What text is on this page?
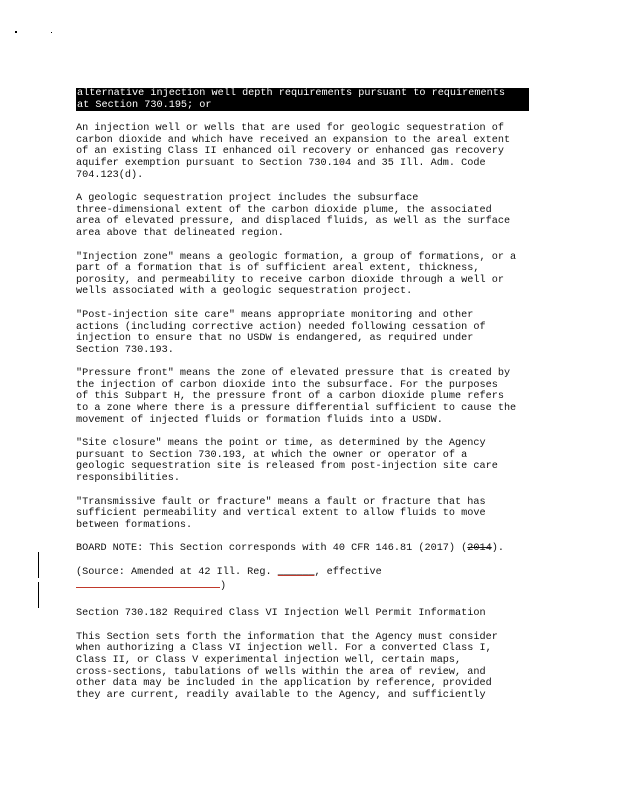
alternative injection well depth requirements pursuant to requirements
at Section 730.195; or

An injection well or wells that are used for geologic sequestration of
carbon dioxide and which have received an expansion to the areal extent
of an existing Class II enhanced oil recovery or enhanced gas recovery
aquifer exemption pursuant to Section 730.104 and 35 Ill. Adm. Code
704.123(d).

A geologic sequestration project includes the subsurface
three-dimensional extent of the carbon dioxide plume, the associated
area of elevated pressure, and displaced fluids, as well as the surface
area above that delineated region.

"Injection zone" means a geologic formation, a group of formations, or a
part of a formation that is of sufficient areal extent, thickness,
porosity, and permeability to receive carbon dioxide through a well or
wells associated with a geologic sequestration project.

"Post-injection site care" means appropriate monitoring and other
actions (including corrective action) needed following cessation of
injection to ensure that no USDW is endangered, as required under
Section 730.193.

"Pressure front" means the zone of elevated pressure that is created by
the injection of carbon dioxide into the subsurface. For the purposes
of this Subpart H, the pressure front of a carbon dioxide plume refers
to a zone where there is a pressure differential sufficient to cause the
movement of injected fluids or formation fluids into a USDW.

"Site closure" means the point or time, as determined by the Agency
pursuant to Section 730.193, at which the owner or operator of a
geologic sequestration site is released from post-injection site care
responsibilities.

"Transmissive fault or fracture" means a fault or fracture that has
sufficient permeability and vertical extent to allow fluids to move
between formations.

BOARD NOTE: This Section corresponds with 40 CFR 146.81 (2017) (2014).

(Source: Amended at 42 Ill. Reg. ______, effective
)

Section 730.182 Required Class VI Injection Well Permit Information

This Section sets forth the information that the Agency must consider
when authorizing a Class VI injection well. For a converted Class I,
Class II, or Class V experimental injection well, certain maps,
cross-sections, tabulations of wells within the area of review, and
other data may be included in the application by reference, provided
they are current, readily available to the Agency, and sufficiently
